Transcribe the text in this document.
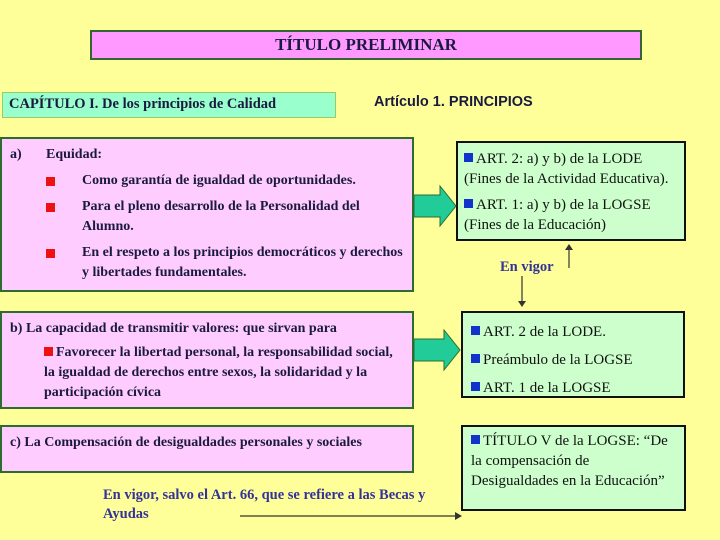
TÍTULO PRELIMINAR
CAPÍTULO I. De los principios de Calidad	Artículo 1. PRINCIPIOS
a)	Equidad:
Como garantía de igualdad de oportunidades.
Para el pleno desarrollo de la Personalidad del Alumno.
En el respeto a los principios democráticos y derechos y libertades fundamentales.
b) La capacidad de transmitir valores: que sirvan para
Favorecer la libertad personal, la responsabilidad social, la igualdad de derechos entre sexos, la solidaridad y la participación cívica
c) La Compensación de desigualdades personales y sociales
ART. 2: a) y b) de la LODE (Fines de la Actividad Educativa).
ART. 1: a) y b) de la LOGSE (Fines de la Educación)
ART. 2 de la LODE.
Preámbulo de la LOGSE
ART. 1 de la LOGSE
TÍTULO V de la LOGSE: “De la compensación de Desigualdades en la Educación”
En vigor
En vigor, salvo el Art. 66, que se refiere a las Becas y Ayudas
